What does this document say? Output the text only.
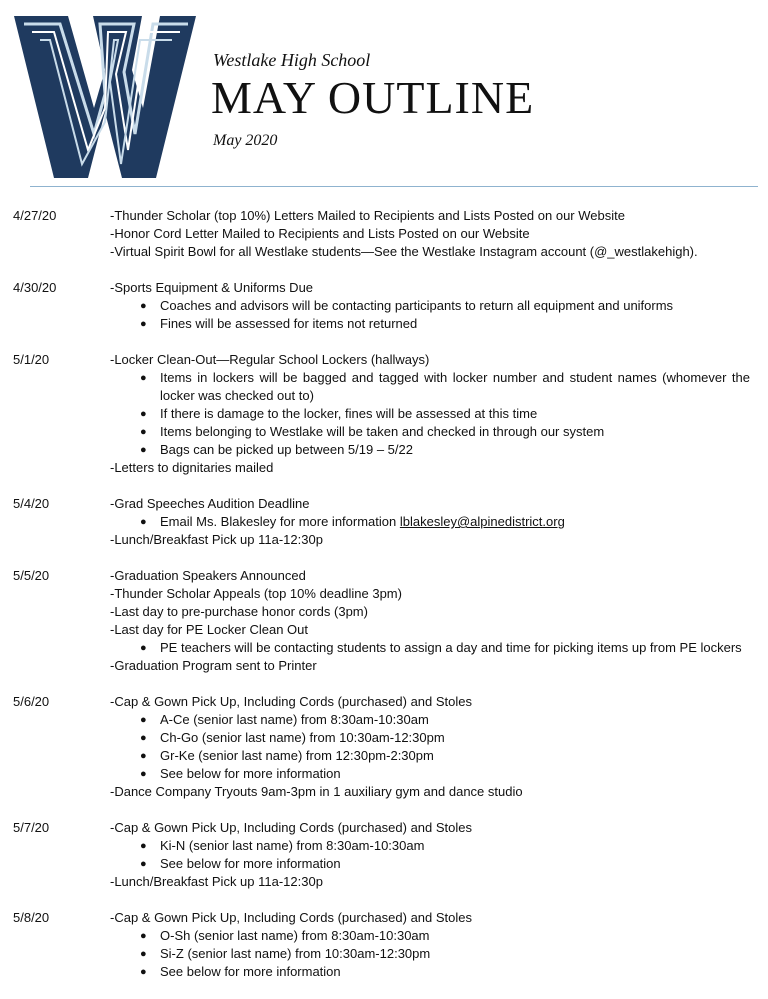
Westlake High School
MAY OUTLINE
May 2020
4/27/20	-Thunder Scholar (top 10%) Letters Mailed to Recipients and Lists Posted on our Website
-Honor Cord Letter Mailed to Recipients and Lists Posted on our Website
-Virtual Spirit Bowl for all Westlake students—See the Westlake Instagram account (@_westlakehigh).
4/30/20	-Sports Equipment & Uniforms Due
● Coaches and advisors will be contacting participants to return all equipment and uniforms
● Fines will be assessed for items not returned
5/1/20	-Locker Clean-Out—Regular School Lockers (hallways)
● Items in lockers will be bagged and tagged with locker number and student names (whomever the locker was checked out to)
● If there is damage to the locker, fines will be assessed at this time
● Items belonging to Westlake will be taken and checked in through our system
● Bags can be picked up between 5/19 – 5/22
-Letters to dignitaries mailed
5/4/20	-Grad Speeches Audition Deadline
● Email Ms. Blakesley for more information lblakesley@alpinedistrict.org
-Lunch/Breakfast Pick up 11a-12:30p
5/5/20	-Graduation Speakers Announced
-Thunder Scholar Appeals (top 10% deadline 3pm)
-Last day to pre-purchase honor cords (3pm)
-Last day for PE Locker Clean Out
● PE teachers will be contacting students to assign a day and time for picking items up from PE lockers
-Graduation Program sent to Printer
5/6/20	-Cap & Gown Pick Up, Including Cords (purchased) and Stoles
● A-Ce (senior last name) from 8:30am-10:30am
● Ch-Go (senior last name) from 10:30am-12:30pm
● Gr-Ke (senior last name) from 12:30pm-2:30pm
● See below for more information
-Dance Company Tryouts 9am-3pm in 1 auxiliary gym and dance studio
5/7/20	-Cap & Gown Pick Up, Including Cords (purchased) and Stoles
● Ki-N (senior last name) from 8:30am-10:30am
● See below for more information
-Lunch/Breakfast Pick up 11a-12:30p
5/8/20	-Cap & Gown Pick Up, Including Cords (purchased) and Stoles
● O-Sh (senior last name) from 8:30am-10:30am
● Si-Z (senior last name) from 10:30am-12:30pm
● See below for more information
